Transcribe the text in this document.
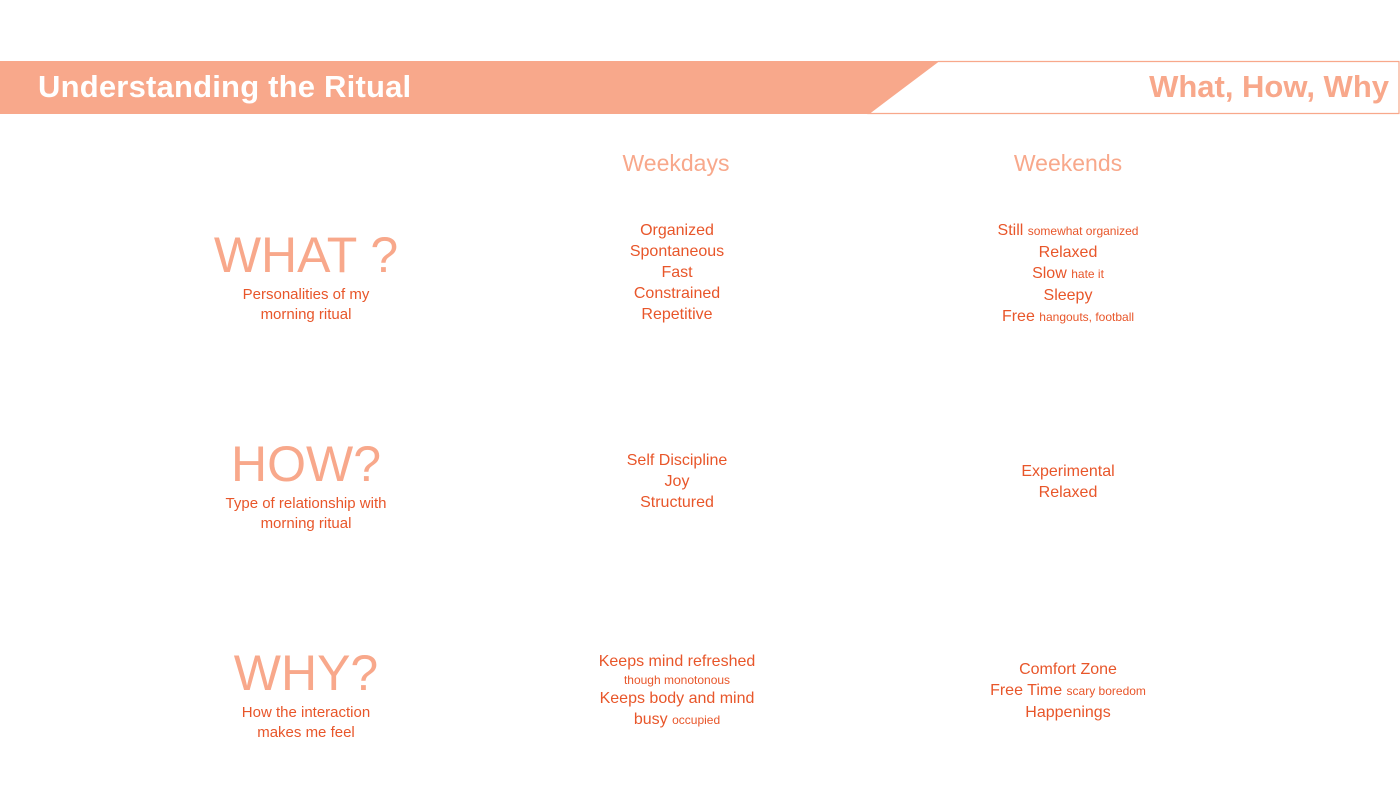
Understanding the Ritual	What, How, Why
Weekdays	Weekends
WHAT ?
Personalities of my morning ritual
Organized
Spontaneous
Fast
Constrained
Repetitive
Still somewhat organized
Relaxed
Slow hate it
Sleepy
Free hangouts, football
HOW?
Type of relationship with morning ritual
Self Discipline
Joy
Structured
Experimental
Relaxed
WHY?
How the interaction makes me feel
Keeps mind refreshed
though monotonous
Keeps body and mind
busy occupied
Comfort Zone
Free Time scary boredom
Happenings
